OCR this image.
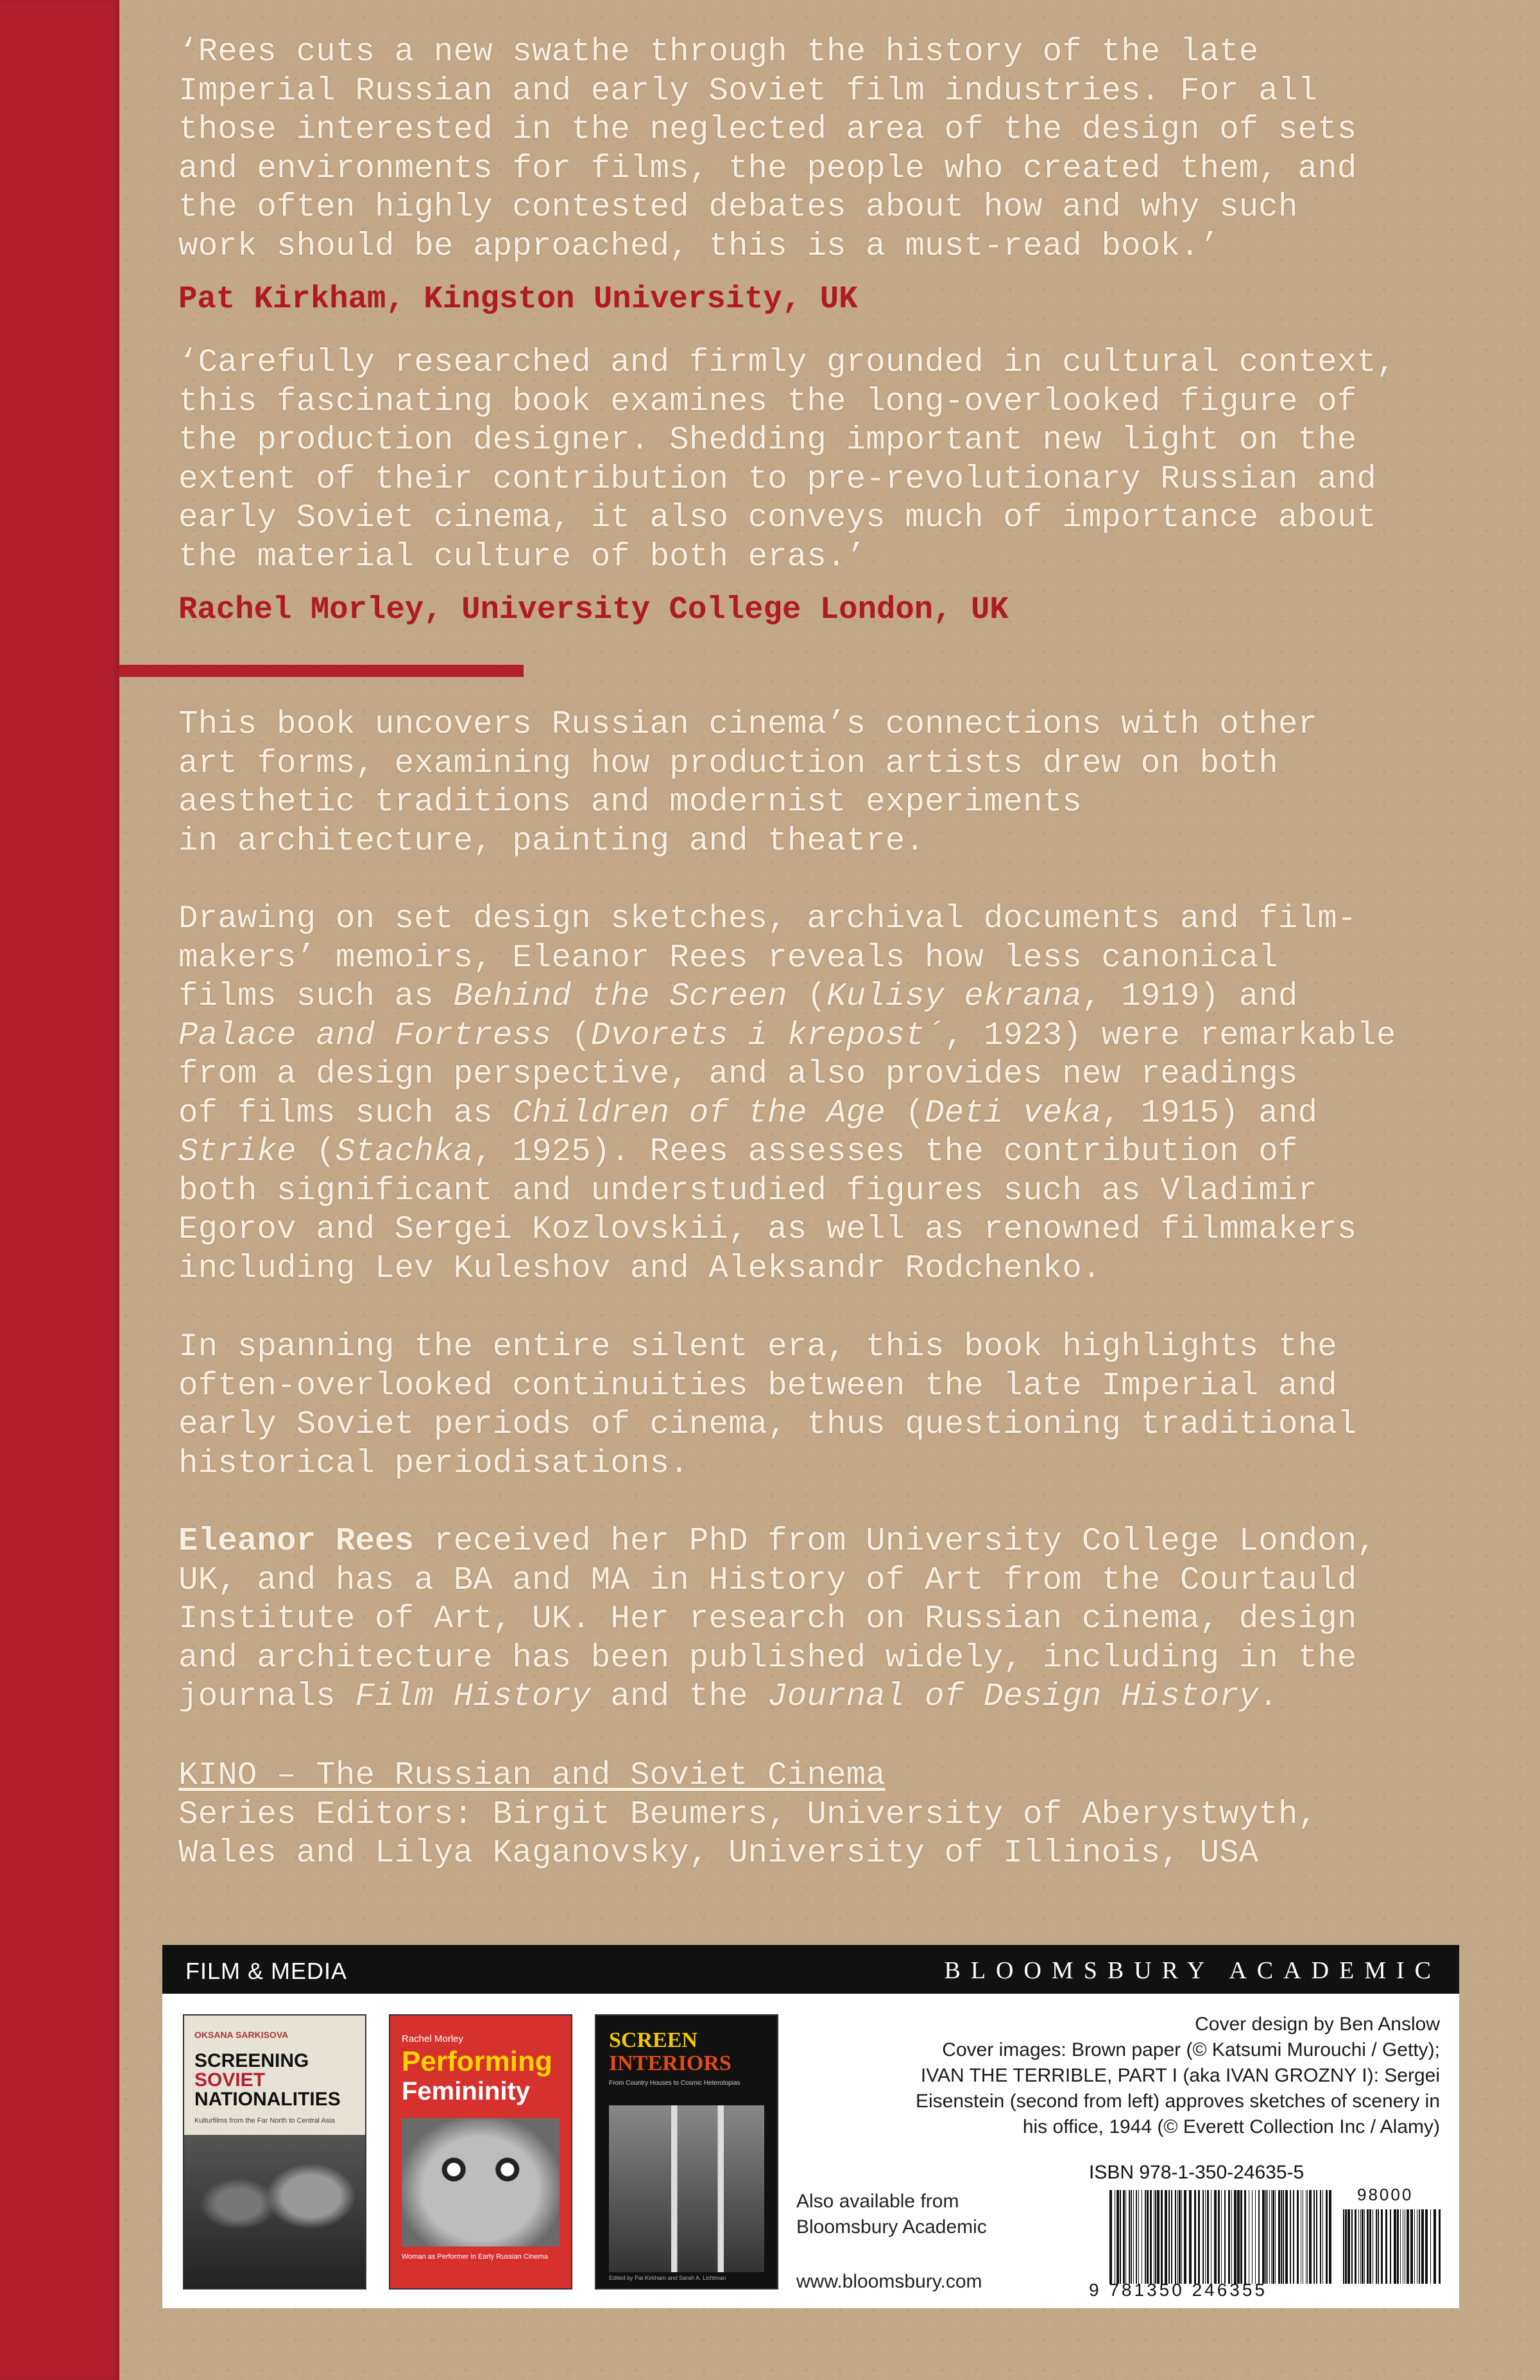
‘Rees cuts a new swathe through the history of the late
Imperial Russian and early Soviet film industries. For all
those interested in the neglected area of the design of sets
and environments for films, the people who created them, and
the often highly contested debates about how and why such
work should be approached, this is a must-read book.’
Pat Kirkham, Kingston University, UK
‘Carefully researched and firmly grounded in cultural context,
this fascinating book examines the long-overlooked figure of
the production designer. Shedding important new light on the
extent of their contribution to pre-revolutionary Russian and
early Soviet cinema, it also conveys much of importance about
the material culture of both eras.’
Rachel Morley, University College London, UK
This book uncovers Russian cinema’s connections with other
art forms, examining how production artists drew on both
aesthetic traditions and modernist experiments
in architecture, painting and theatre.
Drawing on set design sketches, archival documents and film-
makers’ memoirs, Eleanor Rees reveals how less canonical
films such as Behind the Screen (Kulisy ekrana, 1919) and
Palace and Fortress (Dvorets i krepost´, 1923) were remarkable
from a design perspective, and also provides new readings
of films such as Children of the Age (Deti veka, 1915) and
Strike (Stachka, 1925). Rees assesses the contribution of
both significant and understudied figures such as Vladimir
Egorov and Sergei Kozlovskii, as well as renowned filmmakers
including Lev Kuleshov and Aleksandr Rodchenko.
In spanning the entire silent era, this book highlights the
often-overlooked continuities between the late Imperial and
early Soviet periods of cinema, thus questioning traditional
historical periodisations.
Eleanor Rees received her PhD from University College London,
UK, and has a BA and MA in History of Art from the Courtauld
Institute of Art, UK. Her research on Russian cinema, design
and architecture has been published widely, including in the
journals Film History and the Journal of Design History.
KINO – The Russian and Soviet Cinema
Series Editors: Birgit Beumers, University of Aberystwyth,
Wales and Lilya Kaganovsky, University of Illinois, USA
FILM & MEDIA	BLOOMSBURY ACADEMIC
OKSANA SARKISOVA
SCREENING
SOVIET
NATIONALITIES
Kulturfilms from the Far North to Central Asia
Rachel Morley
Performing
Femininity
Woman as Performer in Early Russian Cinema
SCREEN
INTERIORS
From Country Houses to Cosmic Heterotopias
Edited by Pat Kirkham and Sarah A. Lichtman
Also available from
Bloomsbury Academic
www.bloomsbury.com
Cover design by Ben Anslow
Cover images: Brown paper (© Katsumi Murouchi / Getty);
IVAN THE TERRIBLE, PART I (aka IVAN GROZNY I): Sergei
Eisenstein (second from left) approves sketches of scenery in
his office, 1944 (© Everett Collection Inc / Alamy)
ISBN 978-1-350-24635-5
98000
9 781350 246355
